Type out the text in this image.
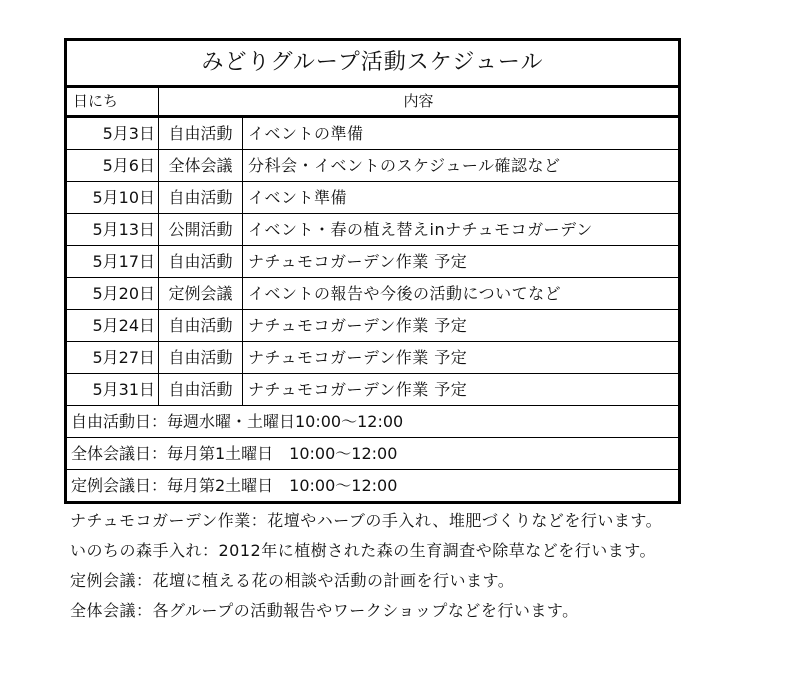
みどりグループ活動スケジュール
日にち	内容
5月3日 自由活動 イベントの準備
5月6日 全体会議 分科会・イベントのスケジュール確認など
5月10日 自由活動 イベント準備
5月13日 公開活動 イベント・春の植え替えinナチュモコガーデン
5月17日 自由活動 ナチュモコガーデン作業 予定
5月20日 定例会議 イベントの報告や今後の活動についてなど
5月24日 自由活動 ナチュモコガーデン作業 予定
5月27日 自由活動 ナチュモコガーデン作業 予定
5月31日 自由活動 ナチュモコガーデン作業 予定
自由活動日：毎週水曜・土曜日10:00～12:00
全体会議日：毎月第1土曜日　10:00～12:00
定例会議日：毎月第2土曜日　10:00～12:00
ナチュモコガーデン作業：花壇やハーブの手入れ、堆肥づくりなどを行います。
いのちの森手入れ：2012年に植樹された森の生育調査や除草などを行います。
定例会議：花壇に植える花の相談や活動の計画を行います。
全体会議：各グループの活動報告やワークショップなどを行います。
